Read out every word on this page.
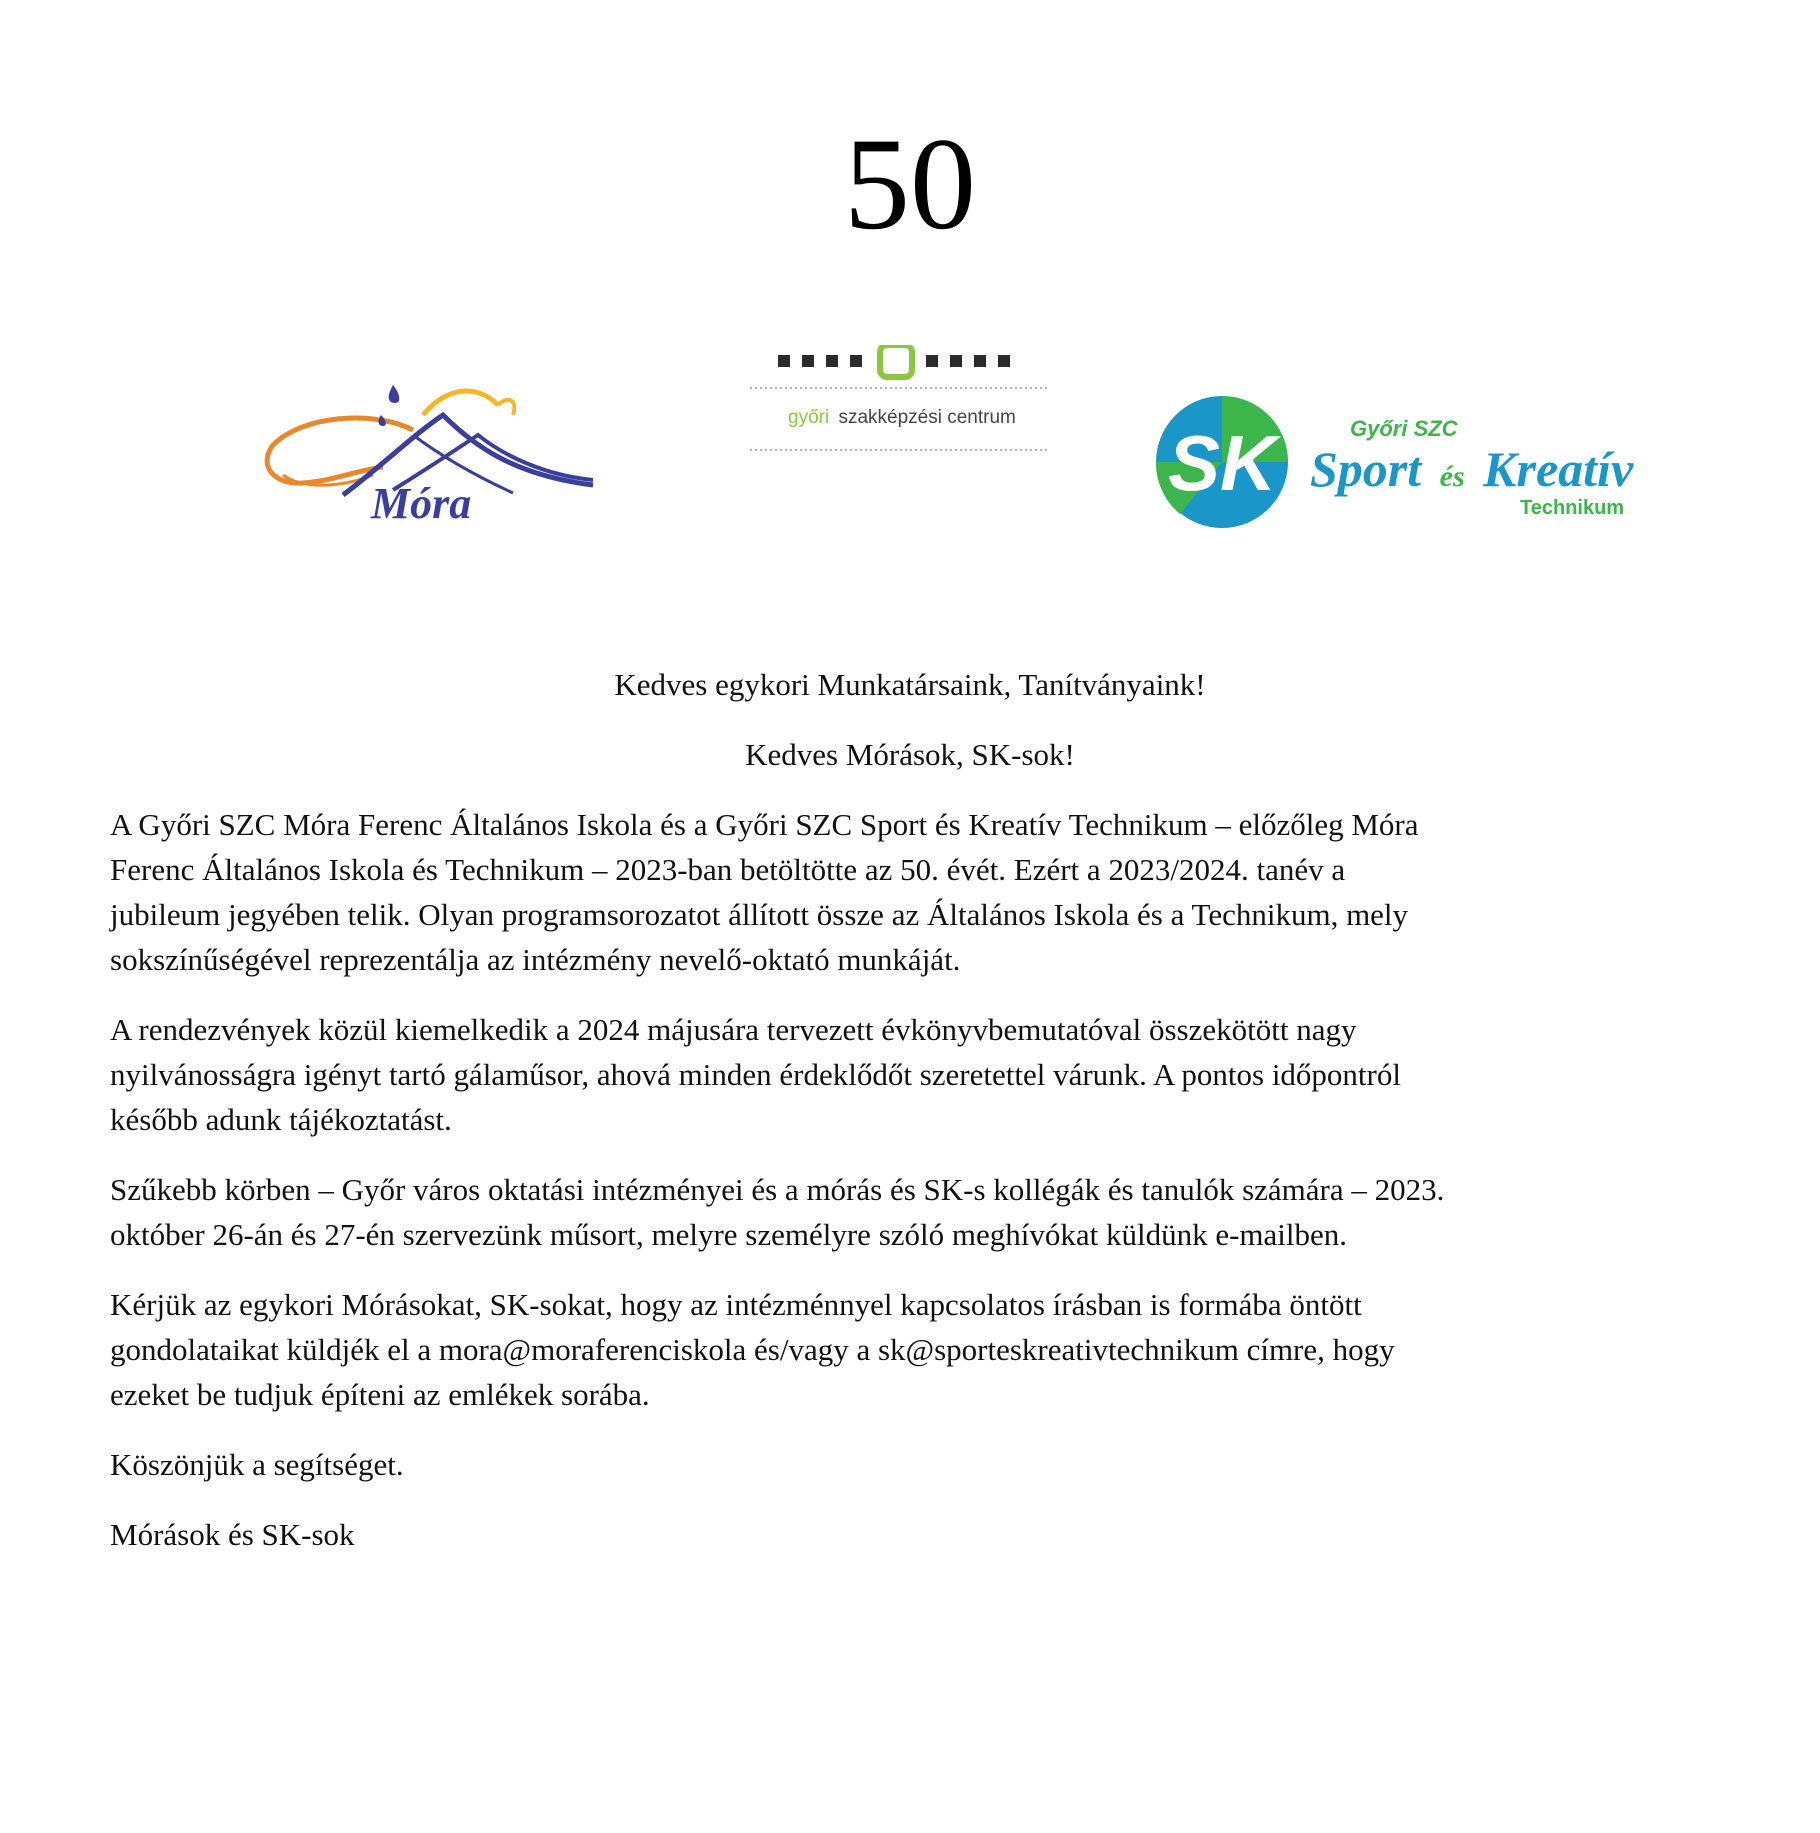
50
Móra
győri szakképzési centrum
SK	Győri SZC
Sport és Kreatív
Technikum

Kedves egykori Munkatársaink, Tanítványaink!

Kedves Mórások, SK-sok!

A Győri SZC Móra Ferenc Általános Iskola és a Győri SZC Sport és Kreatív Technikum – előzőleg Móra
Ferenc Általános Iskola és Technikum – 2023-ban betöltötte az 50. évét. Ezért a 2023/2024. tanév a
jubileum jegyében telik. Olyan programsorozatot állított össze az Általános Iskola és a Technikum, mely
sokszínűségével reprezentálja az intézmény nevelő-oktató munkáját.

A rendezvények közül kiemelkedik a 2024 májusára tervezett évkönyvbemutatóval összekötött nagy
nyilvánosságra igényt tartó gálaműsor, ahová minden érdeklődőt szeretettel várunk. A pontos időpontról
később adunk tájékoztatást.

Szűkebb körben – Győr város oktatási intézményei és a mórás és SK-s kollégák és tanulók számára – 2023.
október 26-án és 27-én szervezünk műsort, melyre személyre szóló meghívókat küldünk e-mailben.

Kérjük az egykori Mórásokat, SK-sokat, hogy az intézménnyel kapcsolatos írásban is formába öntött
gondolataikat küldjék el a mora@moraferenciskola és/vagy a sk@sporteskreativtechnikum címre, hogy
ezeket be tudjuk építeni az emlékek sorába.

Köszönjük a segítséget.

Mórások és SK-sok
